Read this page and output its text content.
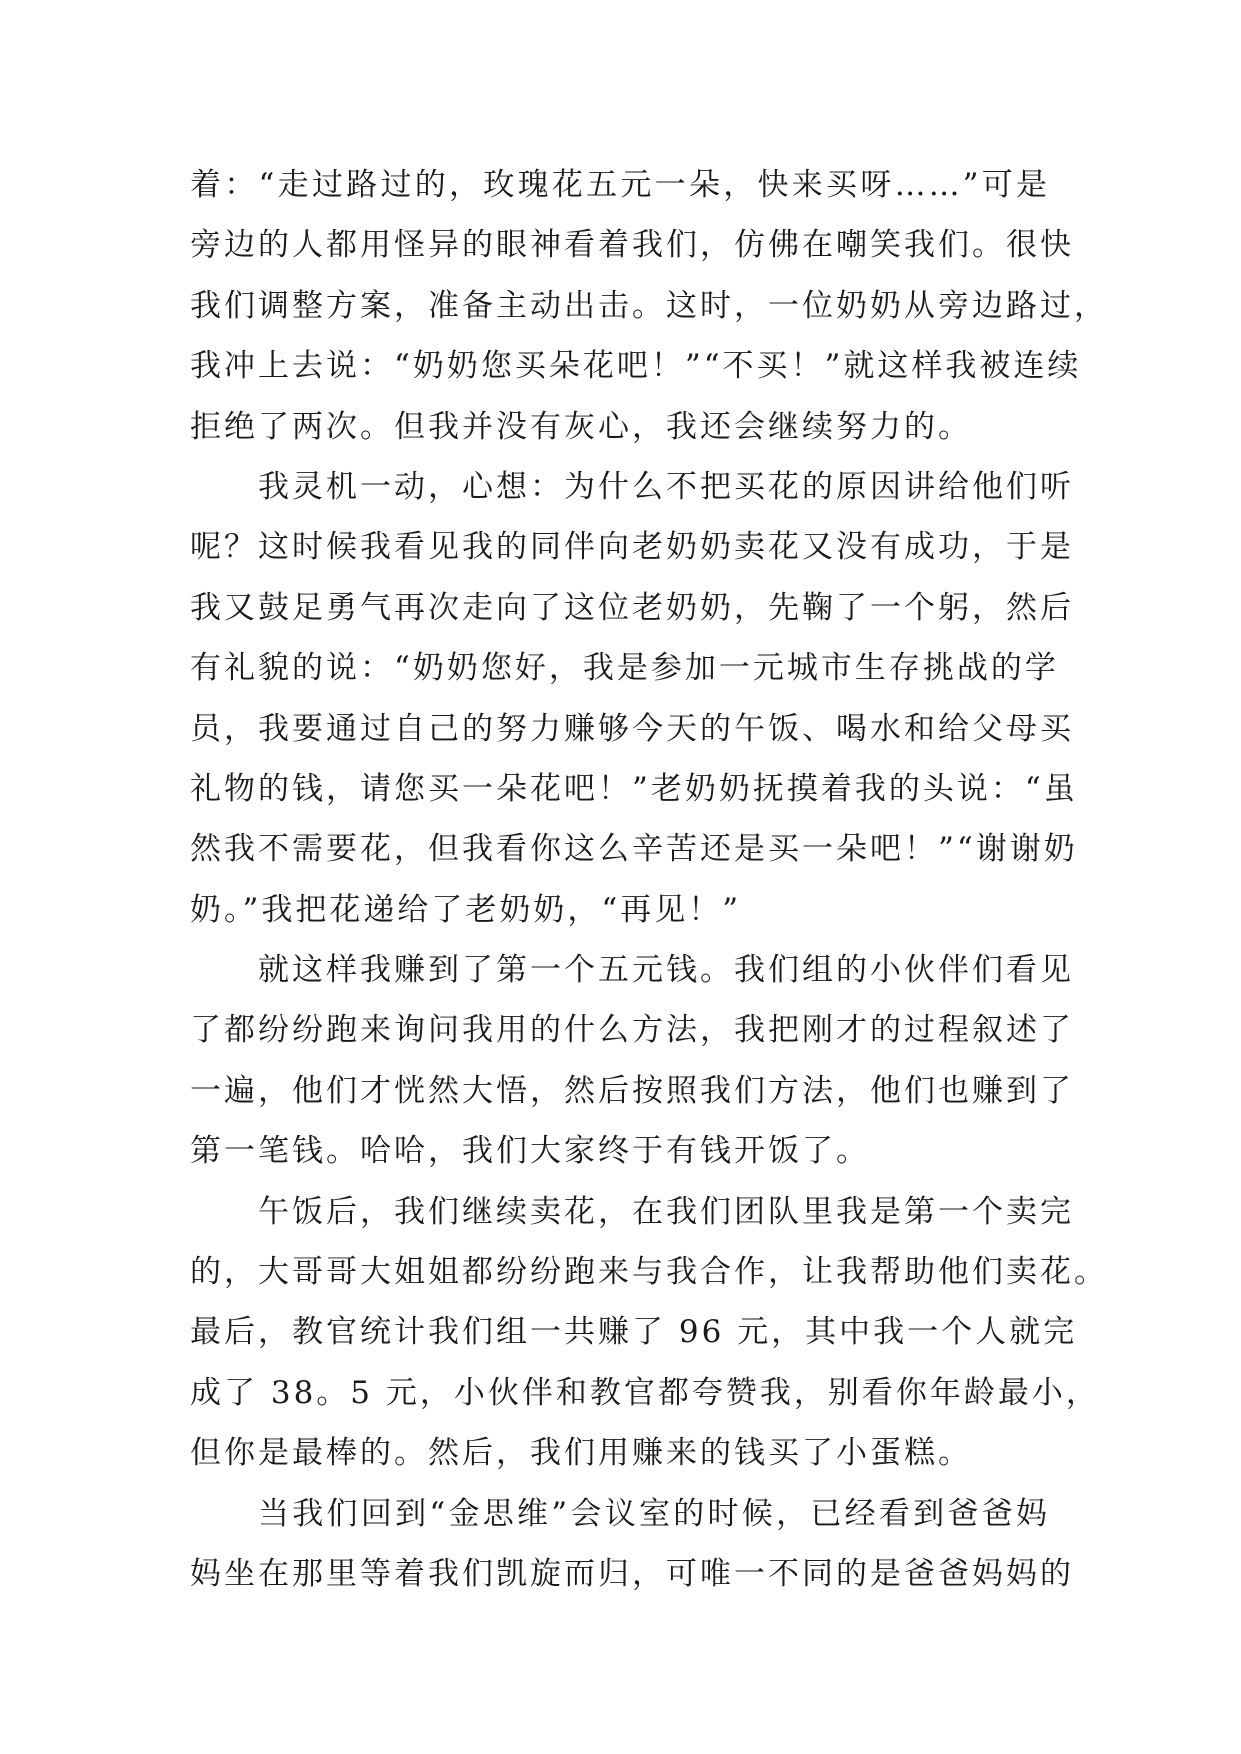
着：“走过路过的，玫瑰花五元一朵，快来买呀……”可是
旁边的人都用怪异的眼神看着我们，仿佛在嘲笑我们。很快
我们调整方案，准备主动出击。这时，一位奶奶从旁边路过，
我冲上去说：“奶奶您买朵花吧！”“不买！”就这样我被连续
拒绝了两次。但我并没有灰心，我还会继续努力的。
我灵机一动，心想：为什么不把买花的原因讲给他们听
呢？这时候我看见我的同伴向老奶奶卖花又没有成功，于是
我又鼓足勇气再次走向了这位老奶奶，先鞠了一个躬，然后
有礼貌的说：“奶奶您好，我是参加一元城市生存挑战的学
员，我要通过自己的努力赚够今天的午饭、喝水和给父母买
礼物的钱，请您买一朵花吧！”老奶奶抚摸着我的头说：“虽
然我不需要花，但我看你这么辛苦还是买一朵吧！”“谢谢奶
奶。”我把花递给了老奶奶，“再见！”
就这样我赚到了第一个五元钱。我们组的小伙伴们看见
了都纷纷跑来询问我用的什么方法，我把刚才的过程叙述了
一遍，他们才恍然大悟，然后按照我们方法，他们也赚到了
第一笔钱。哈哈，我们大家终于有钱开饭了。
午饭后，我们继续卖花，在我们团队里我是第一个卖完
的，大哥哥大姐姐都纷纷跑来与我合作，让我帮助他们卖花。
最后，教官统计我们组一共赚了 96 元，其中我一个人就完
成了 38。5 元，小伙伴和教官都夸赞我，别看你年龄最小，
但你是最棒的。然后，我们用赚来的钱买了小蛋糕。
当我们回到“金思维”会议室的时候，已经看到爸爸妈
妈坐在那里等着我们凯旋而归，可唯一不同的是爸爸妈妈的
